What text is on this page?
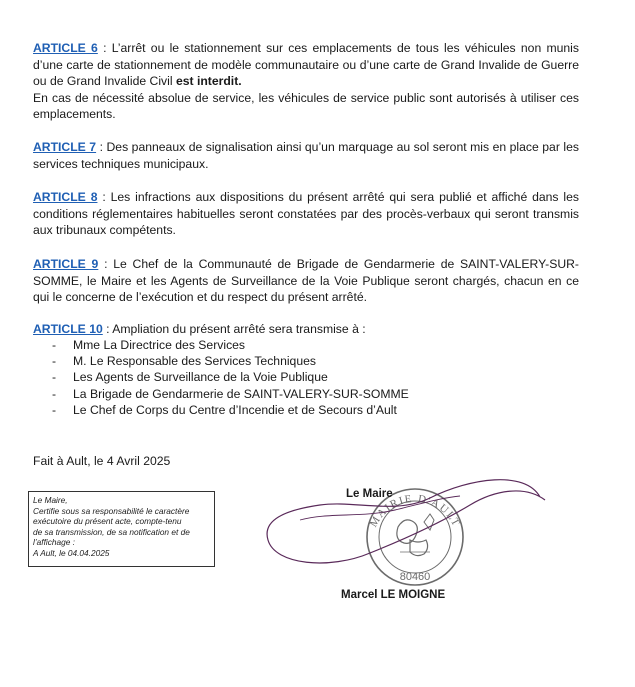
ARTICLE 6 : L’arrêt ou le stationnement sur ces emplacements de tous les véhicules non munis d’une carte de stationnement de modèle communautaire ou d’une carte de Grand Invalide de Guerre ou de Grand Invalide Civil est interdit.
En cas de nécessité absolue de service, les véhicules de service public sont autorisés à utiliser ces emplacements.
ARTICLE 7 : Des panneaux de signalisation ainsi qu’un marquage au sol seront mis en place par les services techniques municipaux.
ARTICLE 8 : Les infractions aux dispositions du présent arrêté qui sera publié et affiché dans les conditions réglementaires habituelles seront constatées par des procès-verbaux qui seront transmis aux tribunaux compétents.
ARTICLE 9 : Le Chef de la Communauté de Brigade de Gendarmerie de SAINT-VALERY-SUR-SOMME, le Maire et les Agents de Surveillance de la Voie Publique seront chargés, chacun en ce qui le concerne de l’exécution et du respect du présent arrêté.
ARTICLE 10 : Ampliation du présent arrêté sera transmise à :
- Mme La Directrice des Services
- M. Le Responsable des Services Techniques
- Les Agents de Surveillance de la Voie Publique
- La Brigade de Gendarmerie de SAINT-VALERY-SUR-SOMME
- Le Chef de Corps du Centre d’Incendie et de Secours d’Ault
Fait à Ault, le 4 Avril 2025
Le Maire,
Certifie sous sa responsabilité le caractère
exécutoire du présent acte, compte-tenu
de sa transmission, de sa notification et de
l’affichage :
A Ault, le 04.04.2025
MAIRIE D'AULT
80460
Le Maire
Marcel LE MOIGNE
